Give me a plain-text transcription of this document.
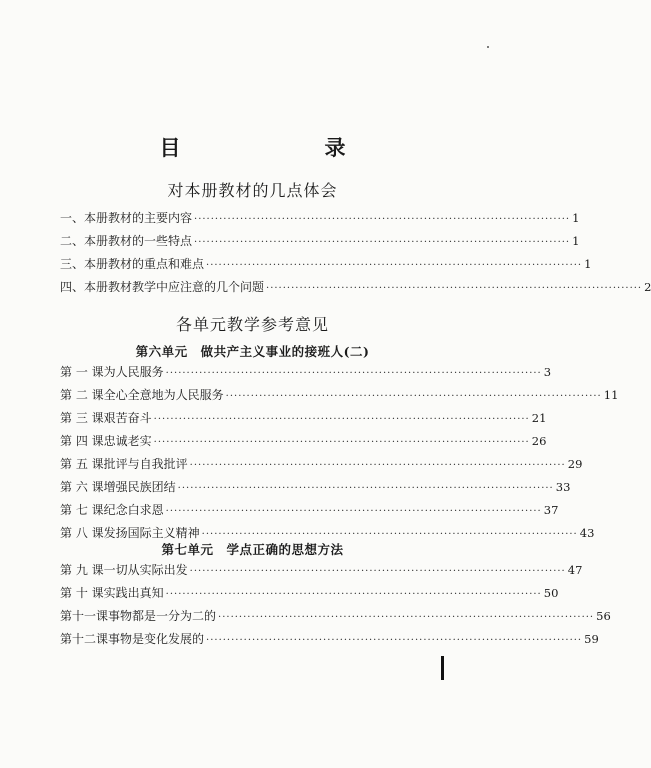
目　　录
对本册教材的几点体会
一、本册教材的主要内容 ·························································································· 1
二、本册教材的一些特点 ·························································································· 1
三、本册教材的重点和难点 ·························································································· 1
四、本册教材教学中应注意的几个问题 ·························································································· 2
各单元教学参考意见
第六单元　做共产主义事业的接班人(二)
第 一 课 为人民服务 ·························································································· 3
第 二 课 全心全意地为人民服务 ·························································································· 11
第 三 课 艰苦奋斗 ·························································································· 21
第 四 课 忠诚老实 ·························································································· 26
第 五 课 批评与自我批评 ·························································································· 29
第 六 课 增强民族团结 ·························································································· 33
第 七 课 纪念白求恩 ·························································································· 37
第 八 课 发扬国际主义精神 ·························································································· 43
第七单元　学点正确的思想方法
第 九 课 一切从实际出发 ·························································································· 47
第 十 课 实践出真知 ·························································································· 50
第十一课 事物都是一分为二的 ·························································································· 56
第十二课 事物是变化发展的 ·························································································· 59
